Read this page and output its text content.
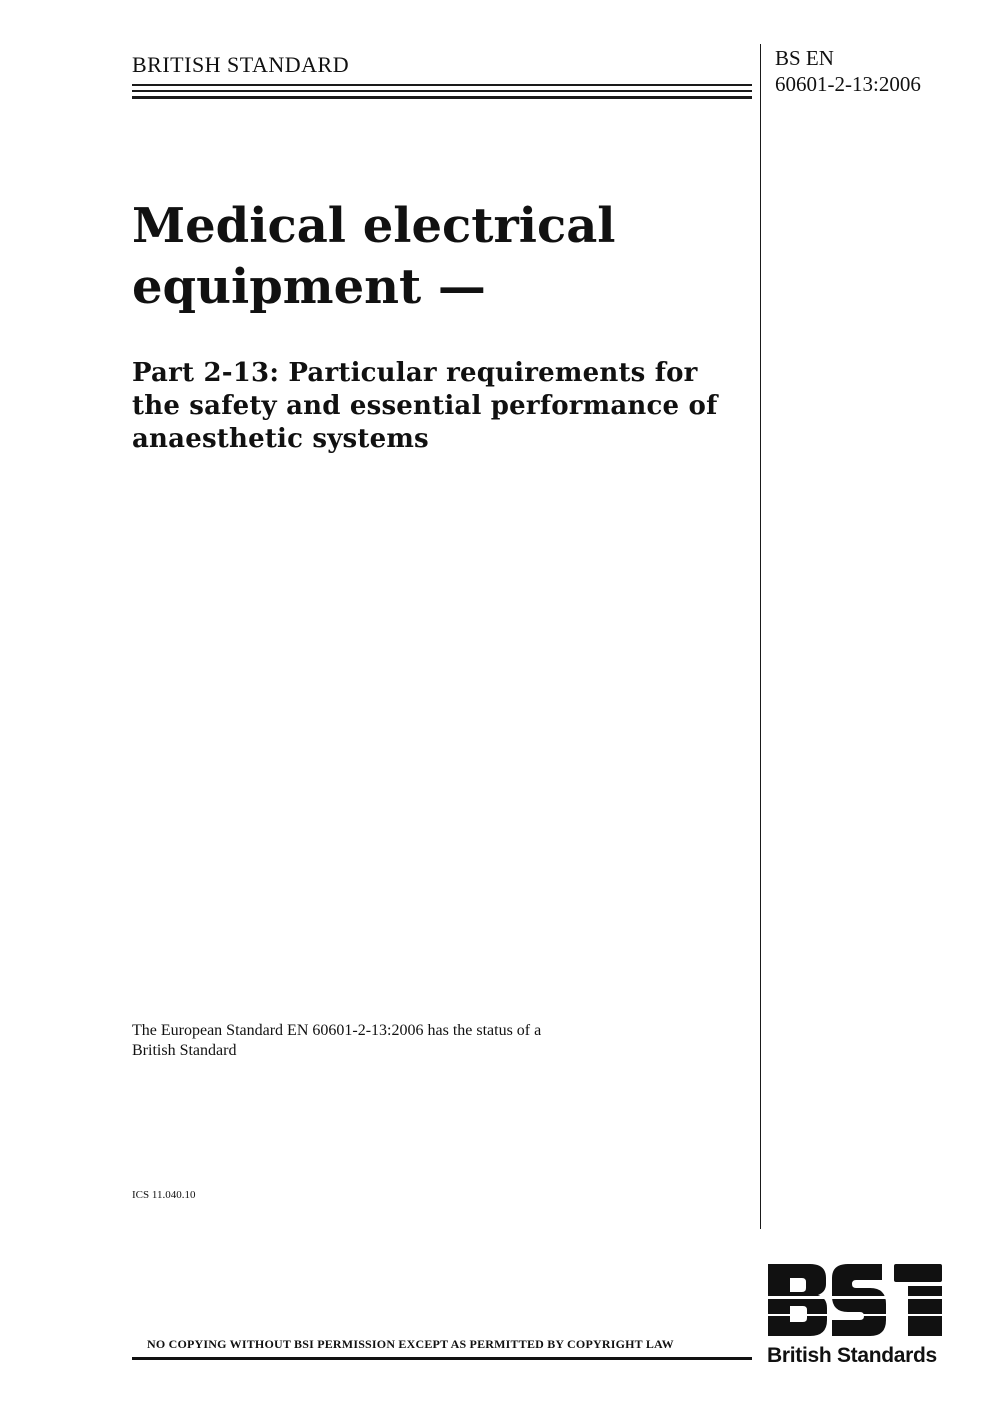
BRITISH STANDARD	BS EN
60601-2-13:2006
Medical electrical
equipment —
Part 2-13: Particular requirements for
the safety and essential performance of
anaesthetic systems
The European Standard EN 60601-2-13:2006 has the status of a
British Standard
ICS 11.040.10
NO COPYING WITHOUT BSI PERMISSION EXCEPT AS PERMITTED BY COPYRIGHT LAW	British Standards
